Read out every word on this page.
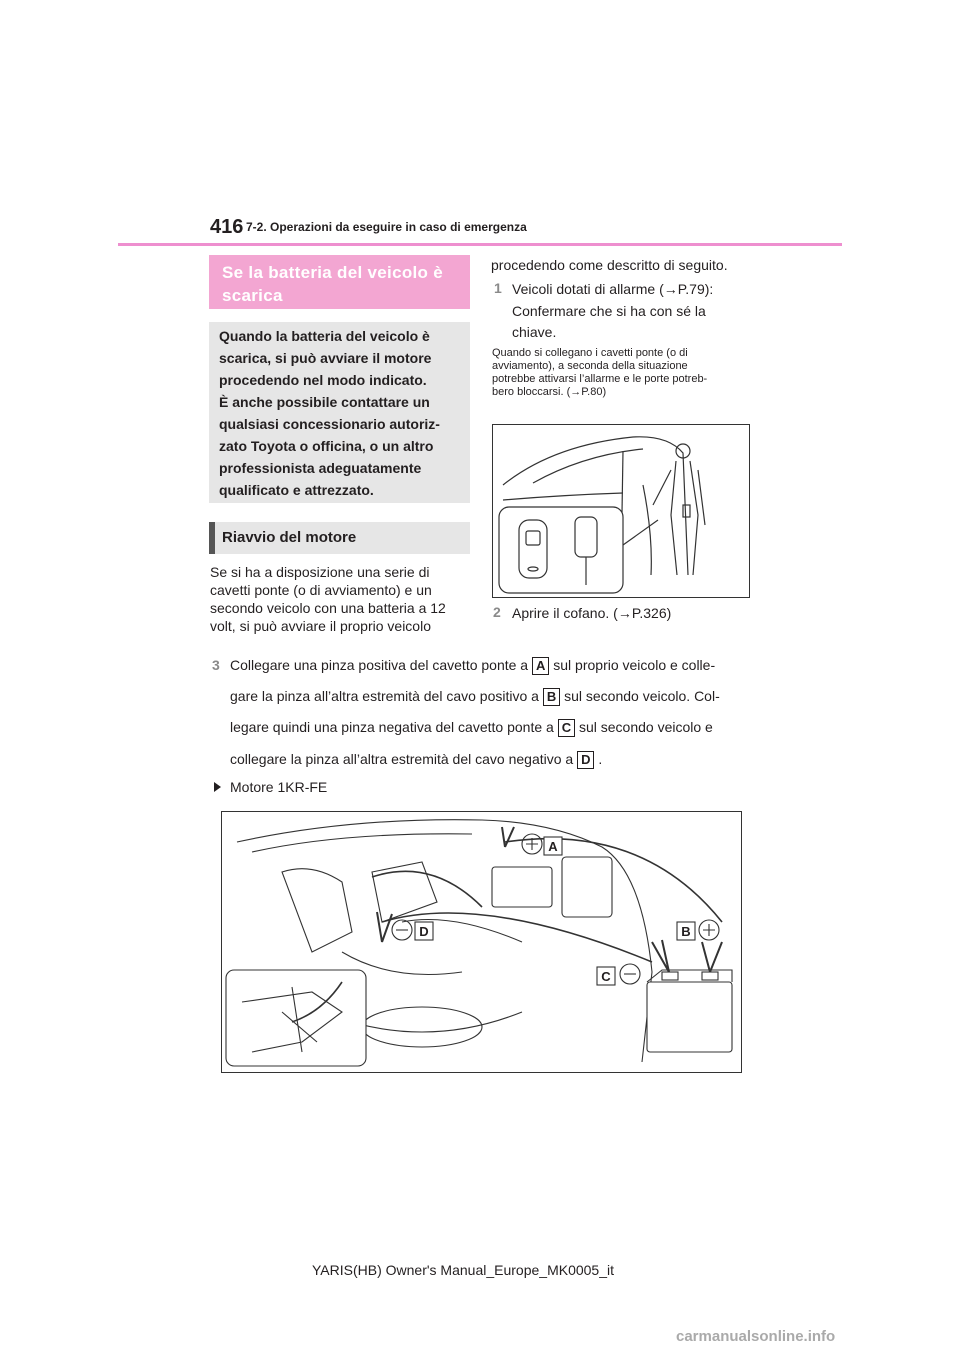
416 7-2. Operazioni da eseguire in caso di emergenza
Se la batteria del veicolo è
scarica
Quando la batteria del veicolo è
scarica, si può avviare il motore
procedendo nel modo indicato.
È anche possibile contattare un
qualsiasi concessionario autoriz-
zato Toyota o officina, o un altro
professionista adeguatamente
qualificato e attrezzato.
Riavvio del motore
Se si ha a disposizione una serie di
cavetti ponte (o di avviamento) e un
secondo veicolo con una batteria a 12
volt, si può avviare il proprio veicolo
procedendo come descritto di seguito.
1 Veicoli dotati di allarme (→P.79):
Confermare che si ha con sé la
chiave.
Quando si collegano i cavetti ponte (o di
avviamento), a seconda della situazione
potrebbe attivarsi l’allarme e le porte potreb-
bero bloccarsi. (→P.80)
2 Aprire il cofano. (→P.326)
3 Collegare una pinza positiva del cavetto ponte a A sul proprio veicolo e colle-
gare la pinza all’altra estremità del cavo positivo a B sul secondo veicolo. Col-
legare quindi una pinza negativa del cavetto ponte a C sul secondo veicolo e
collegare la pinza all’altra estremità del cavo negativo a D .
Motore 1KR-FE
A
B
C
D
YARIS(HB) Owner's Manual_Europe_MK0005_it
carmanualsonline.info
